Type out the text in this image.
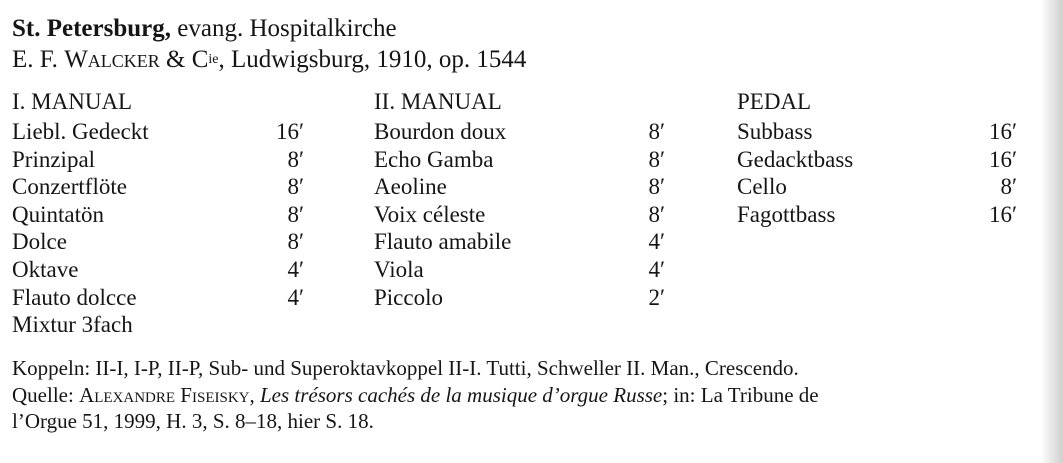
St. Petersburg, evang. Hospitalkirche
E. F. Walcker & $C^{ie}$, Ludwigsburg, 1910, op. 1544
I. MANUAL
Liebl. Gedeckt	16′
Prinzipal	8′
Conzertflöte	8′
Quintatön	8′
Dolce	8′
Oktave	4′
Flauto dolcce	4′
Mixtur 3fach
II. MANUAL
Bourdon doux	8′
Echo Gamba	8′
Aeoline	8′
Voix céleste	8′
Flauto amabile	4′
Viola	4′
Piccolo	2′
PEDAL
Subbass	16′
Gedacktbass	16′
Cello	8′
Fagottbass	16′

Koppeln: II-I, I-P, II-P, Sub- und Superoktavkoppel II-I. Tutti, Schweller II. Man., Crescendo.

Quelle: Alexandre Fiseisky, Les trésors cachés de la musique d’orgue Russe; in: La Tribune de

l’Orgue 51, 1999, H. 3, S. 8–18, hier S. 18.
